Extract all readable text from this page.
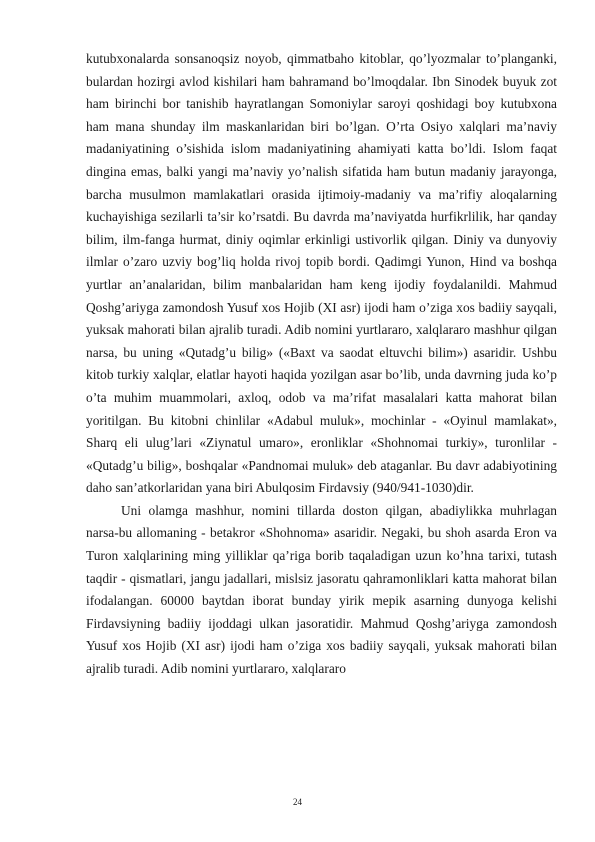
kutubxonalarda sonsanoqsiz noyob, qimmatbaho kitoblar, qo’lyozmalar to’planganki, bulardan hozirgi avlod kishilari ham bahramand bo’lmoqdalar. Ibn Sinodek buyuk zot ham birinchi bor tanishib hayratlangan Somoniylar saroyi qoshidagi boy kutubxona ham mana shunday ilm maskanlaridan biri bo’lgan. O’rta Osiyo xalqlari ma’naviy madaniyatining o’sishida islom madaniyatining ahamiyati katta bo’ldi. Islom faqat dingina emas, balki yangi ma’naviy yo’nalish sifatida ham butun madaniy jarayonga, barcha musulmon mamlakatlari orasida ijtimoiy-madaniy va ma’rifiy aloqalarning kuchayishiga sezilarli ta’sir ko’rsatdi. Bu davrda ma’naviyatda hurfikrlilik, har qanday bilim, ilm-fanga hurmat, diniy oqimlar erkinligi ustivorlik qilgan. Diniy va dunyoviy ilmlar o’zaro uzviy bog’liq holda rivoj topib bordi. Qadimgi Yunon, Hind va boshqa yurtlar an’analaridan, bilim manbalaridan ham keng ijodiy foydalanildi. Mahmud Qoshg’ariyga zamondosh Yusuf xos Hojib (XI asr) ijodi ham o’ziga xos badiiy sayqali, yuksak mahorati bilan ajralib turadi. Adib nomini yurtlararo, xalqlararo mashhur qilgan narsa, bu uning «Qutadg’u bilig» («Baxt va saodat eltuvchi bilim») asaridir. Ushbu kitob turkiy xalqlar, elatlar hayoti haqida yozilgan asar bo’lib, unda davrning juda ko’p o’ta muhim muammolari, axloq, odob va ma’rifat masalalari katta mahorat bilan yoritilgan. Bu kitobni chinlilar «Adabul muluk», mochinlar - «Oyinul mamlakat», Sharq eli ulug’lari «Ziynatul umaro», eronliklar «Shohnomai turkiy», turonlilar - «Qutadg’u bilig», boshqalar «Pandnomai muluk» deb ataganlar. Bu davr adabiyotining daho san’atkorlaridan yana biri Abulqosim Firdavsiy (940/941-1030)dir.

Uni olamga mashhur, nomini tillarda doston qilgan, abadiylikka muhrlagan narsa-bu allomaning - betakror «Shohnoma» asaridir. Negaki, bu shoh asarda Eron va Turon xalqlarining ming yilliklar qa’riga borib taqaladigan uzun ko’hna tarixi, tutash taqdir - qismatlari, jangu jadallari, mislsiz jasoratu qahramonliklari katta mahorat bilan ifodalangan. 60000 baytdan iborat bunday yirik mepik asarning dunyoga kelishi Firdavsiyning badiiy ijoddagi ulkan jasoratidir. Mahmud Qoshg’ariyga zamondosh Yusuf xos Hojib (XI asr) ijodi ham o’ziga xos badiiy sayqali, yuksak mahorati bilan ajralib turadi. Adib nomini yurtlararo, xalqlararo

24
